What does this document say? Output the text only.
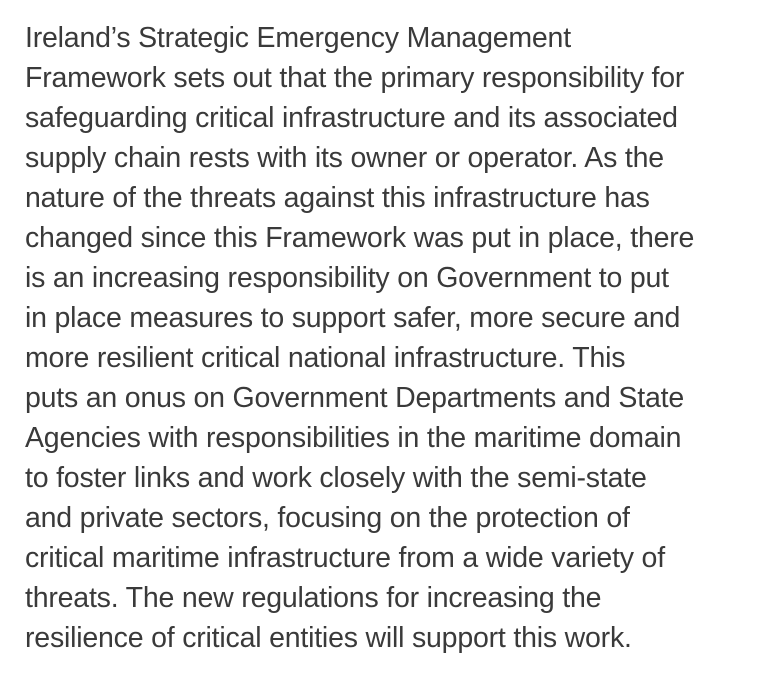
Ireland’s Strategic Emergency Management
Framework sets out that the primary responsibility for
safeguarding critical infrastructure and its associated
supply chain rests with its owner or operator. As the
nature of the threats against this infrastructure has
changed since this Framework was put in place, there
is an increasing responsibility on Government to put
in place measures to support safer, more secure and
more resilient critical national infrastructure. This
puts an onus on Government Departments and State
Agencies with responsibilities in the maritime domain
to foster links and work closely with the semi-state
and private sectors, focusing on the protection of
critical maritime infrastructure from a wide variety of
threats. The new regulations for increasing the
resilience of critical entities will support this work.
